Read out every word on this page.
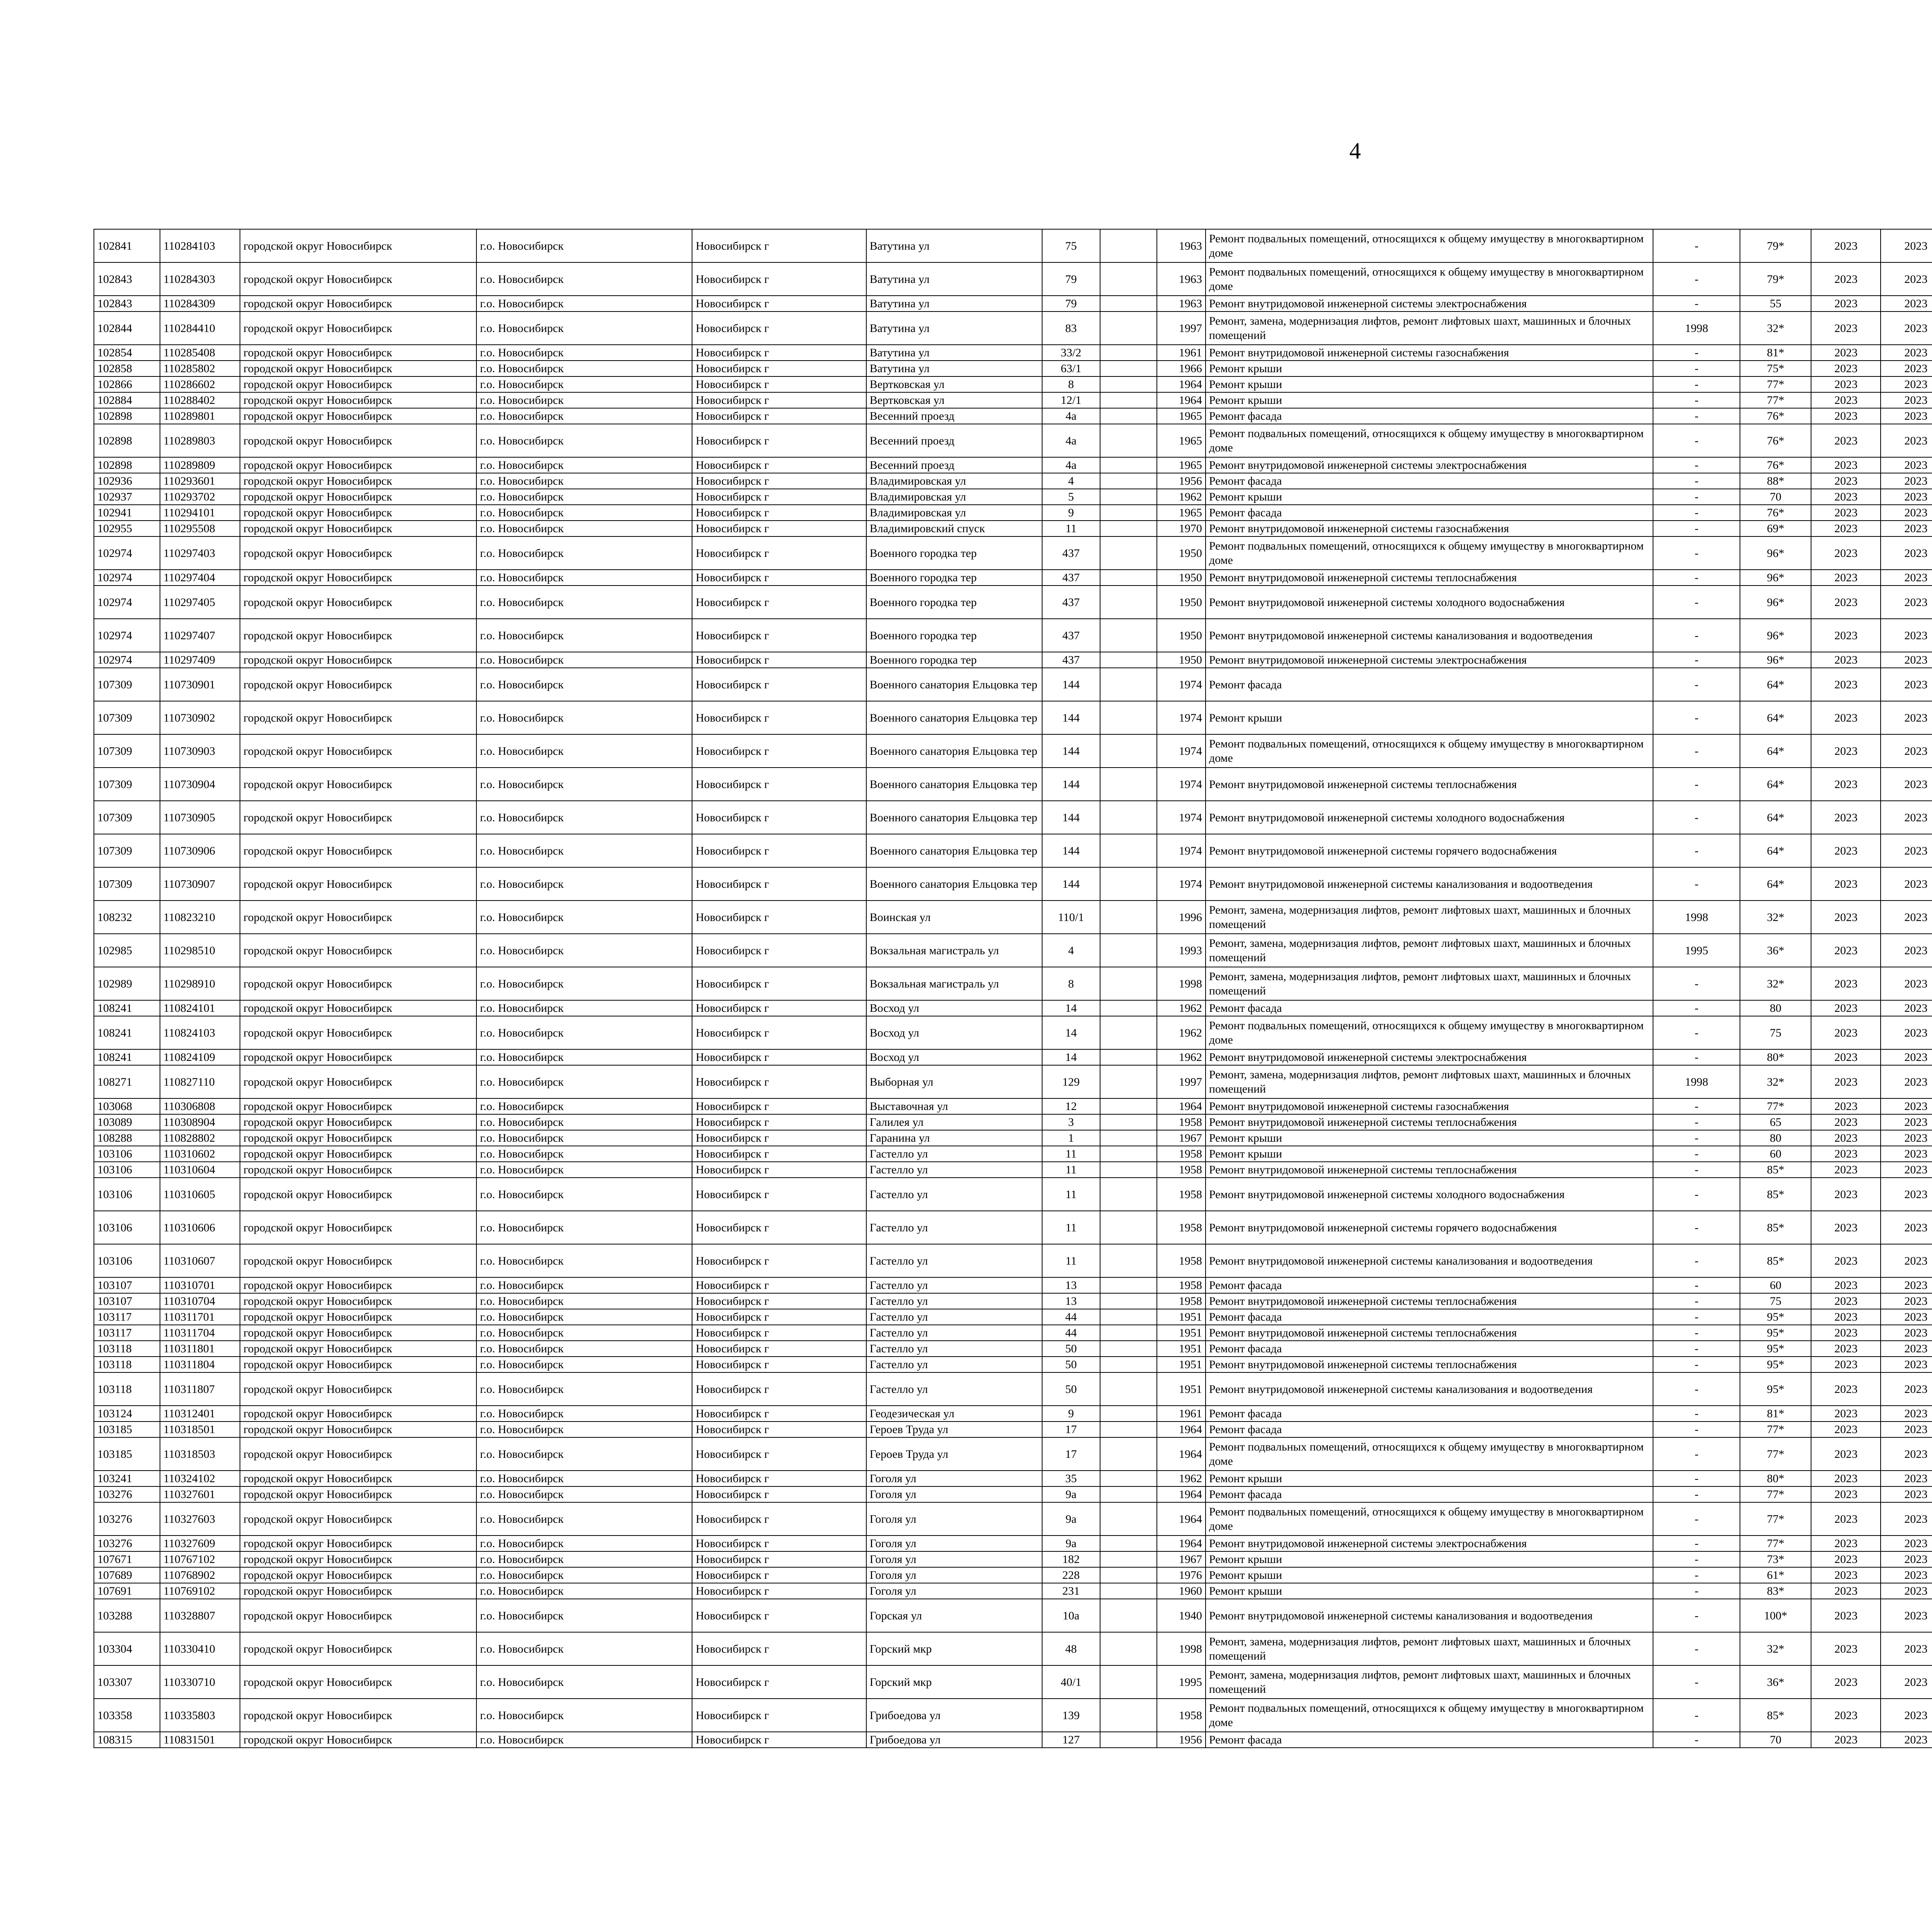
4
102841	110284103	городской округ Новосибирск	г.о. Новосибирск	Новосибирск г	Ватутина ул	75		1963	Ремонт подвальных помещений, относящихся к общему имуществу в многоквартирном доме	-	79*	2023	2023					
102843	110284303	городской округ Новосибирск	г.о. Новосибирск	Новосибирск г	Ватутина ул	79		1963	Ремонт подвальных помещений, относящихся к общему имуществу в многоквартирном доме	-	79*	2023	2023					
102843	110284309	городской округ Новосибирск	г.о. Новосибирск	Новосибирск г	Ватутина ул	79		1963	Ремонт внутридомовой инженерной системы электроснабжения	-	55	2023	2023					
102844	110284410	городской округ Новосибирск	г.о. Новосибирск	Новосибирск г	Ватутина ул	83		1997	Ремонт, замена, модернизация лифтов, ремонт лифтовых шахт, машинных и блочных помещений	1998	32*	2023	2023					
102854	110285408	городской округ Новосибирск	г.о. Новосибирск	Новосибирск г	Ватутина ул	33/2		1961	Ремонт внутридомовой инженерной системы газоснабжения	-	81*	2023	2023					
102858	110285802	городской округ Новосибирск	г.о. Новосибирск	Новосибирск г	Ватутина ул	63/1		1966	Ремонт крыши	-	75*	2023	2023					
102866	110286602	городской округ Новосибирск	г.о. Новосибирск	Новосибирск г	Вертковская ул	8		1964	Ремонт крыши	-	77*	2023	2023					
102884	110288402	городской округ Новосибирск	г.о. Новосибирск	Новосибирск г	Вертковская ул	12/1		1964	Ремонт крыши	-	77*	2023	2023					
102898	110289801	городской округ Новосибирск	г.о. Новосибирск	Новосибирск г	Весенний проезд	4а		1965	Ремонт фасада	-	76*	2023	2023					
102898	110289803	городской округ Новосибирск	г.о. Новосибирск	Новосибирск г	Весенний проезд	4а		1965	Ремонт подвальных помещений, относящихся к общему имуществу в многоквартирном доме	-	76*	2023	2023					
102898	110289809	городской округ Новосибирск	г.о. Новосибирск	Новосибирск г	Весенний проезд	4а		1965	Ремонт внутридомовой инженерной системы электроснабжения	-	76*	2023	2023					
102936	110293601	городской округ Новосибирск	г.о. Новосибирск	Новосибирск г	Владимировская ул	4		1956	Ремонт фасада	-	88*	2023	2023					
102937	110293702	городской округ Новосибирск	г.о. Новосибирск	Новосибирск г	Владимировская ул	5		1962	Ремонт крыши	-	70	2023	2023					
102941	110294101	городской округ Новосибирск	г.о. Новосибирск	Новосибирск г	Владимировская ул	9		1965	Ремонт фасада	-	76*	2023	2023					
102955	110295508	городской округ Новосибирск	г.о. Новосибирск	Новосибирск г	Владимировский спуск	11		1970	Ремонт внутридомовой инженерной системы газоснабжения	-	69*	2023	2023					
102974	110297403	городской округ Новосибирск	г.о. Новосибирск	Новосибирск г	Военного городка тер	437		1950	Ремонт подвальных помещений, относящихся к общему имуществу в многоквартирном доме	-	96*	2023	2023					
102974	110297404	городской округ Новосибирск	г.о. Новосибирск	Новосибирск г	Военного городка тер	437		1950	Ремонт внутридомовой инженерной системы теплоснабжения	-	96*	2023	2023					
102974	110297405	городской округ Новосибирск	г.о. Новосибирск	Новосибирск г	Военного городка тер	437		1950	Ремонт внутридомовой инженерной системы холодного водоснабжения	-	96*	2023	2023					
102974	110297407	городской округ Новосибирск	г.о. Новосибирск	Новосибирск г	Военного городка тер	437		1950	Ремонт внутридомовой инженерной системы канализования и водоотведения	-	96*	2023	2023					
102974	110297409	городской округ Новосибирск	г.о. Новосибирск	Новосибирск г	Военного городка тер	437		1950	Ремонт внутридомовой инженерной системы электроснабжения	-	96*	2023	2023					
107309	110730901	городской округ Новосибирск	г.о. Новосибирск	Новосибирск г	Военного санатория Ельцовка тер	144		1974	Ремонт фасада	-	64*	2023	2023					
107309	110730902	городской округ Новосибирск	г.о. Новосибирск	Новосибирск г	Военного санатория Ельцовка тер	144		1974	Ремонт крыши	-	64*	2023	2023					
107309	110730903	городской округ Новосибирск	г.о. Новосибирск	Новосибирск г	Военного санатория Ельцовка тер	144		1974	Ремонт подвальных помещений, относящихся к общему имуществу в многоквартирном доме	-	64*	2023	2023					
107309	110730904	городской округ Новосибирск	г.о. Новосибирск	Новосибирск г	Военного санатория Ельцовка тер	144		1974	Ремонт внутридомовой инженерной системы теплоснабжения	-	64*	2023	2023					
107309	110730905	городской округ Новосибирск	г.о. Новосибирск	Новосибирск г	Военного санатория Ельцовка тер	144		1974	Ремонт внутридомовой инженерной системы холодного водоснабжения	-	64*	2023	2023					
107309	110730906	городской округ Новосибирск	г.о. Новосибирск	Новосибирск г	Военного санатория Ельцовка тер	144		1974	Ремонт внутридомовой инженерной системы горячего водоснабжения	-	64*	2023	2023					
107309	110730907	городской округ Новосибирск	г.о. Новосибирск	Новосибирск г	Военного санатория Ельцовка тер	144		1974	Ремонт внутридомовой инженерной системы канализования и водоотведения	-	64*	2023	2023					
108232	110823210	городской округ Новосибирск	г.о. Новосибирск	Новосибирск г	Воинская ул	110/1		1996	Ремонт, замена, модернизация лифтов, ремонт лифтовых шахт, машинных и блочных помещений	1998	32*	2023	2023					
102985	110298510	городской округ Новосибирск	г.о. Новосибирск	Новосибирск г	Вокзальная магистраль ул	4		1993	Ремонт, замена, модернизация лифтов, ремонт лифтовых шахт, машинных и блочных помещений	1995	36*	2023	2023					
102989	110298910	городской округ Новосибирск	г.о. Новосибирск	Новосибирск г	Вокзальная магистраль ул	8		1998	Ремонт, замена, модернизация лифтов, ремонт лифтовых шахт, машинных и блочных помещений	-	32*	2023	2023					
108241	110824101	городской округ Новосибирск	г.о. Новосибирск	Новосибирск г	Восход ул	14		1962	Ремонт фасада	-	80	2023	2023					
108241	110824103	городской округ Новосибирск	г.о. Новосибирск	Новосибирск г	Восход ул	14		1962	Ремонт подвальных помещений, относящихся к общему имуществу в многоквартирном доме	-	75	2023	2023					
108241	110824109	городской округ Новосибирск	г.о. Новосибирск	Новосибирск г	Восход ул	14		1962	Ремонт внутридомовой инженерной системы электроснабжения	-	80*	2023	2023					
108271	110827110	городской округ Новосибирск	г.о. Новосибирск	Новосибирск г	Выборная ул	129		1997	Ремонт, замена, модернизация лифтов, ремонт лифтовых шахт, машинных и блочных помещений	1998	32*	2023	2023					
103068	110306808	городской округ Новосибирск	г.о. Новосибирск	Новосибирск г	Выставочная ул	12		1964	Ремонт внутридомовой инженерной системы газоснабжения	-	77*	2023	2023					
103089	110308904	городской округ Новосибирск	г.о. Новосибирск	Новосибирск г	Галилея ул	3		1958	Ремонт внутридомовой инженерной системы теплоснабжения	-	65	2023	2023					
108288	110828802	городской округ Новосибирск	г.о. Новосибирск	Новосибирск г	Гаранина ул	1		1967	Ремонт крыши	-	80	2023	2023					
103106	110310602	городской округ Новосибирск	г.о. Новосибирск	Новосибирск г	Гастелло ул	11		1958	Ремонт крыши	-	60	2023	2023					
103106	110310604	городской округ Новосибирск	г.о. Новосибирск	Новосибирск г	Гастелло ул	11		1958	Ремонт внутридомовой инженерной системы теплоснабжения	-	85*	2023	2023					
103106	110310605	городской округ Новосибирск	г.о. Новосибирск	Новосибирск г	Гастелло ул	11		1958	Ремонт внутридомовой инженерной системы холодного водоснабжения	-	85*	2023	2023					
103106	110310606	городской округ Новосибирск	г.о. Новосибирск	Новосибирск г	Гастелло ул	11		1958	Ремонт внутридомовой инженерной системы горячего водоснабжения	-	85*	2023	2023					
103106	110310607	городской округ Новосибирск	г.о. Новосибирск	Новосибирск г	Гастелло ул	11		1958	Ремонт внутридомовой инженерной системы канализования и водоотведения	-	85*	2023	2023					
103107	110310701	городской округ Новосибирск	г.о. Новосибирск	Новосибирск г	Гастелло ул	13		1958	Ремонт фасада	-	60	2023	2023					
103107	110310704	городской округ Новосибирск	г.о. Новосибирск	Новосибирск г	Гастелло ул	13		1958	Ремонт внутридомовой инженерной системы теплоснабжения	-	75	2023	2023					
103117	110311701	городской округ Новосибирск	г.о. Новосибирск	Новосибирск г	Гастелло ул	44		1951	Ремонт фасада	-	95*	2023	2023					
103117	110311704	городской округ Новосибирск	г.о. Новосибирск	Новосибирск г	Гастелло ул	44		1951	Ремонт внутридомовой инженерной системы теплоснабжения	-	95*	2023	2023					
103118	110311801	городской округ Новосибирск	г.о. Новосибирск	Новосибирск г	Гастелло ул	50		1951	Ремонт фасада	-	95*	2023	2023					
103118	110311804	городской округ Новосибирск	г.о. Новосибирск	Новосибирск г	Гастелло ул	50		1951	Ремонт внутридомовой инженерной системы теплоснабжения	-	95*	2023	2023					
103118	110311807	городской округ Новосибирск	г.о. Новосибирск	Новосибирск г	Гастелло ул	50		1951	Ремонт внутридомовой инженерной системы канализования и водоотведения	-	95*	2023	2023					
103124	110312401	городской округ Новосибирск	г.о. Новосибирск	Новосибирск г	Геодезическая ул	9		1961	Ремонт фасада	-	81*	2023	2023					
103185	110318501	городской округ Новосибирск	г.о. Новосибирск	Новосибирск г	Героев Труда ул	17		1964	Ремонт фасада	-	77*	2023	2023					
103185	110318503	городской округ Новосибирск	г.о. Новосибирск	Новосибирск г	Героев Труда ул	17		1964	Ремонт подвальных помещений, относящихся к общему имуществу в многоквартирном доме	-	77*	2023	2023					
103241	110324102	городской округ Новосибирск	г.о. Новосибирск	Новосибирск г	Гоголя ул	35		1962	Ремонт крыши	-	80*	2023	2023					
103276	110327601	городской округ Новосибирск	г.о. Новосибирск	Новосибирск г	Гоголя ул	9а		1964	Ремонт фасада	-	77*	2023	2023					
103276	110327603	городской округ Новосибирск	г.о. Новосибирск	Новосибирск г	Гоголя ул	9а		1964	Ремонт подвальных помещений, относящихся к общему имуществу в многоквартирном доме	-	77*	2023	2023					
103276	110327609	городской округ Новосибирск	г.о. Новосибирск	Новосибирск г	Гоголя ул	9а		1964	Ремонт внутридомовой инженерной системы электроснабжения	-	77*	2023	2023					
107671	110767102	городской округ Новосибирск	г.о. Новосибирск	Новосибирск г	Гоголя ул	182		1967	Ремонт крыши	-	73*	2023	2023					
107689	110768902	городской округ Новосибирск	г.о. Новосибирск	Новосибирск г	Гоголя ул	228		1976	Ремонт крыши	-	61*	2023	2023					
107691	110769102	городской округ Новосибирск	г.о. Новосибирск	Новосибирск г	Гоголя ул	231		1960	Ремонт крыши	-	83*	2023	2023					
103288	110328807	городской округ Новосибирск	г.о. Новосибирск	Новосибирск г	Горская ул	10а		1940	Ремонт внутридомовой инженерной системы канализования и водоотведения	-	100*	2023	2023					
103304	110330410	городской округ Новосибирск	г.о. Новосибирск	Новосибирск г	Горский мкр	48		1998	Ремонт, замена, модернизация лифтов, ремонт лифтовых шахт, машинных и блочных помещений	-	32*	2023	2023					
103307	110330710	городской округ Новосибирск	г.о. Новосибирск	Новосибирск г	Горский мкр	40/1		1995	Ремонт, замена, модернизация лифтов, ремонт лифтовых шахт, машинных и блочных помещений	-	36*	2023	2023					
103358	110335803	городской округ Новосибирск	г.о. Новосибирск	Новосибирск г	Грибоедова ул	139		1958	Ремонт подвальных помещений, относящихся к общему имуществу в многоквартирном доме	-	85*	2023	2023					
108315	110831501	городской округ Новосибирск	г.о. Новосибирск	Новосибирск г	Грибоедова ул	127		1956	Ремонт фасада	-	70	2023	2023					
